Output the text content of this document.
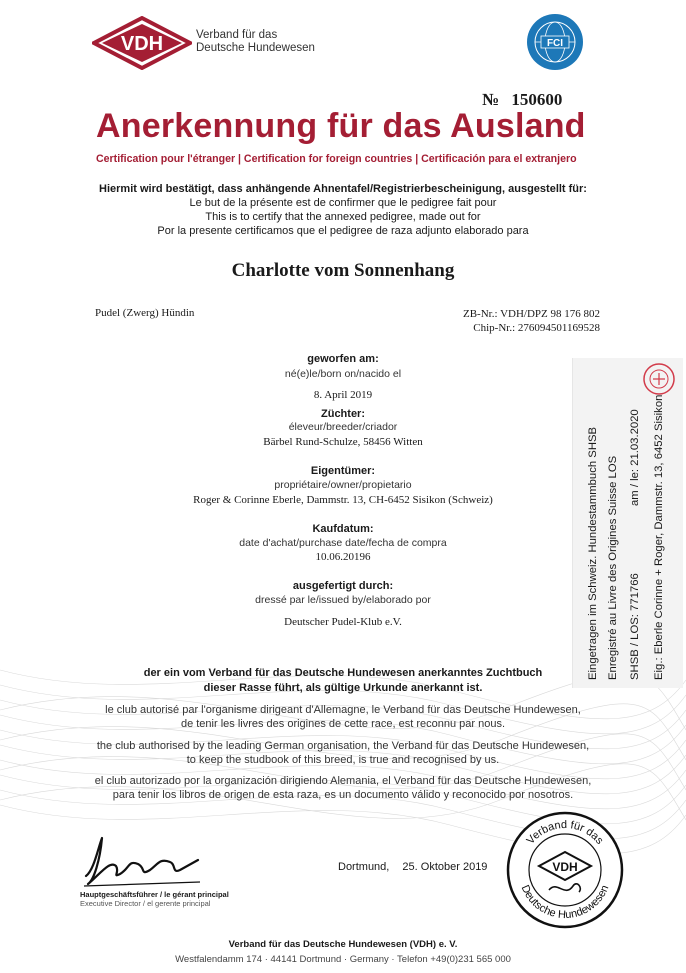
VDH	Verband für das
Deutsche Hundewesen	FCI
№ 150600
Anerkennung für das Ausland
Certification pour l'étranger | Certification for foreign countries | Certificación para el extranjero
Hiermit wird bestätigt, dass anhängende Ahnentafel/Registrierbescheinigung, ausgestellt für:
Le but de la présente est de confirmer que le pedigree fait pour
This is to certify that the annexed pedigree, made out for
Por la presente certificamos que el pedigree de raza adjunto elaborado para
Charlotte vom Sonnenhang
Pudel (Zwerg) Hündin	ZB-Nr.: VDH/DPZ 98 176 802
Chip-Nr.: 276094501169528
geworfen am:
né(e)le/born on/nacido el
8. April 2019
Züchter:
éleveur/breeder/criador
Bärbel Rund-Schulze, 58456 Witten
Eigentümer:
propriétaire/owner/propietario
Roger & Corinne Eberle, Dammstr. 13, CH-6452 Sisikon (Schweiz)
Kaufdatum:
date d'achat/purchase date/fecha de compra
10.06.20196
ausgefertigt durch:
dressé par le/issued by/elaborado por
Deutscher Pudel-Klub e.V.
der ein vom Verband für das Deutsche Hundewesen anerkanntes Zuchtbuch
dieser Rasse führt, als gültige Urkunde anerkannt ist.
le club autorisé par l'organisme dirigeant d'Allemagne, le Verband für das Deutsche Hundewesen,
de tenir les livres des origines de cette race, est reconnu par nous.
the club authorised by the leading German organisation, the Verband für das Deutsche Hundewesen,
to keep the studbook of this breed, is true and recognised by us.
el club autorizado por la organización dirigiendo Alemania, el Verband für das Deutsche Hundewesen,
para tenir los libros de origen de esta raza, es un documento válido y reconocido por nosotros.
Eingetragen im Schweiz. Hundestammbuch SHSB Enregistré au Livre des Origines Suisse LOS SHSB / LOS: 771766
am / le: 21.03.2020 Eig.: Eberle Corinne + Roger, Dammstr. 13, 6452 Sisikon
Hauptgeschäftsführer / le gérant principal
Executive Director / el gerente principal
Dortmund, 25. Oktober 2019
Verband für das
Deutsche Hundewesen
VDH
Verband für das Deutsche Hundewesen (VDH) e. V.
Westfalendamm 174 · 44141 Dortmund · Germany · Telefon +49(0)231 565 000
